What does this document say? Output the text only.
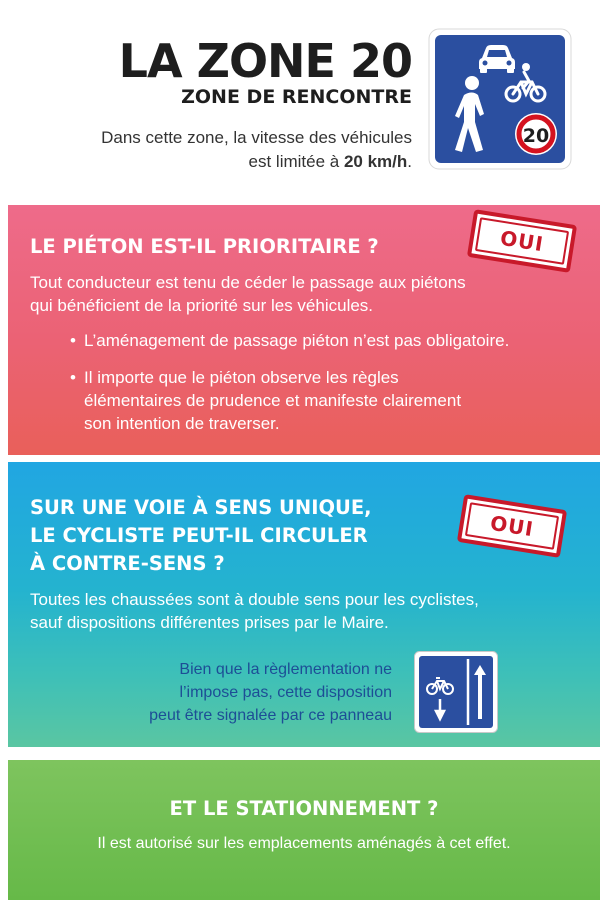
LA ZONE 20
ZONE DE RENCONTRE
Dans cette zone, la vitesse des véhicules
est limitée à 20 km/h.
20
LE PIÉTON EST-IL PRIORITAIRE ?	OUI
Tout conducteur est tenu de céder le passage aux piétons
qui bénéficient de la priorité sur les véhicules.
• L’aménagement de passage piéton n’est pas obligatoire.
• Il importe que le piéton observe les règles
élémentaires de prudence et manifeste clairement
son intention de traverser.
SUR UNE VOIE À SENS UNIQUE,
LE CYCLISTE PEUT-IL CIRCULER
À CONTRE-SENS ?
OUI
Toutes les chaussées sont à double sens pour les cyclistes,
sauf dispositions différentes prises par le Maire.
Bien que la règlementation ne
l’impose pas, cette disposition
peut être signalée par ce panneau
ET LE STATIONNEMENT ?
Il est autorisé sur les emplacements aménagés à cet effet.
